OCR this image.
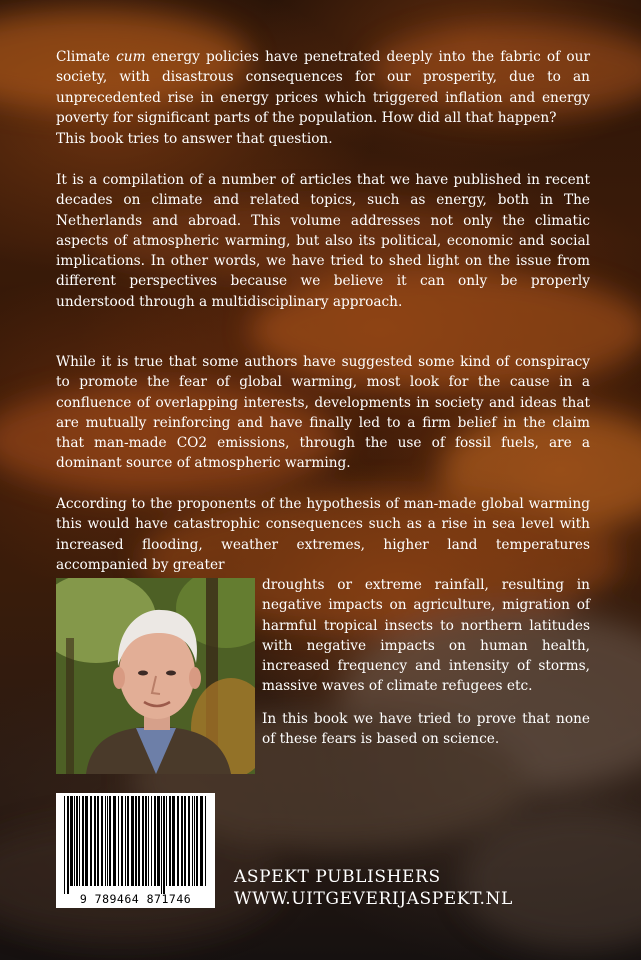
Climate cum energy policies have penetrated deeply into the fabric of our society, with disastrous consequences for our prosperity, due to an unprecedented rise in energy prices which triggered inflation and energy poverty for significant parts of the population. How did all that happen?

This book tries to answer that question.

It is a compilation of a number of articles that we have published in recent decades on climate and related topics, such as energy, both in The Netherlands and abroad. This volume addresses not only the climatic aspects of atmospheric warming, but also its political, economic and social implications. In other words, we have tried to shed light on the issue from different perspectives because we believe it can only be properly understood through a multidisciplinary approach.

While it is true that some authors have suggested some kind of conspiracy to promote the fear of global warming, most look for the cause in a confluence of overlapping interests, developments in society and ideas that are mutually reinforcing and have finally led to a firm belief in the claim that man-made CO2 emissions, through the use of fossil fuels, are a dominant source of atmospheric warming.

According to the proponents of the hypothesis of man-made global warming this would have catastrophic consequences such as a rise in sea level with increased flooding, weather extremes, higher land temperatures accompanied by greater

droughts or extreme rainfall, resulting in negative impacts on agriculture, migration of harmful tropical insects to northern latitudes with negative impacts on human health, increased frequency and intensity of storms, massive waves of climate refugees etc.

In this book we have tried to prove that none of these fears is based on science.

9 789464 871746
ASPEKT PUBLISHERS
WWW.UITGEVERIJASPEKT.NL
